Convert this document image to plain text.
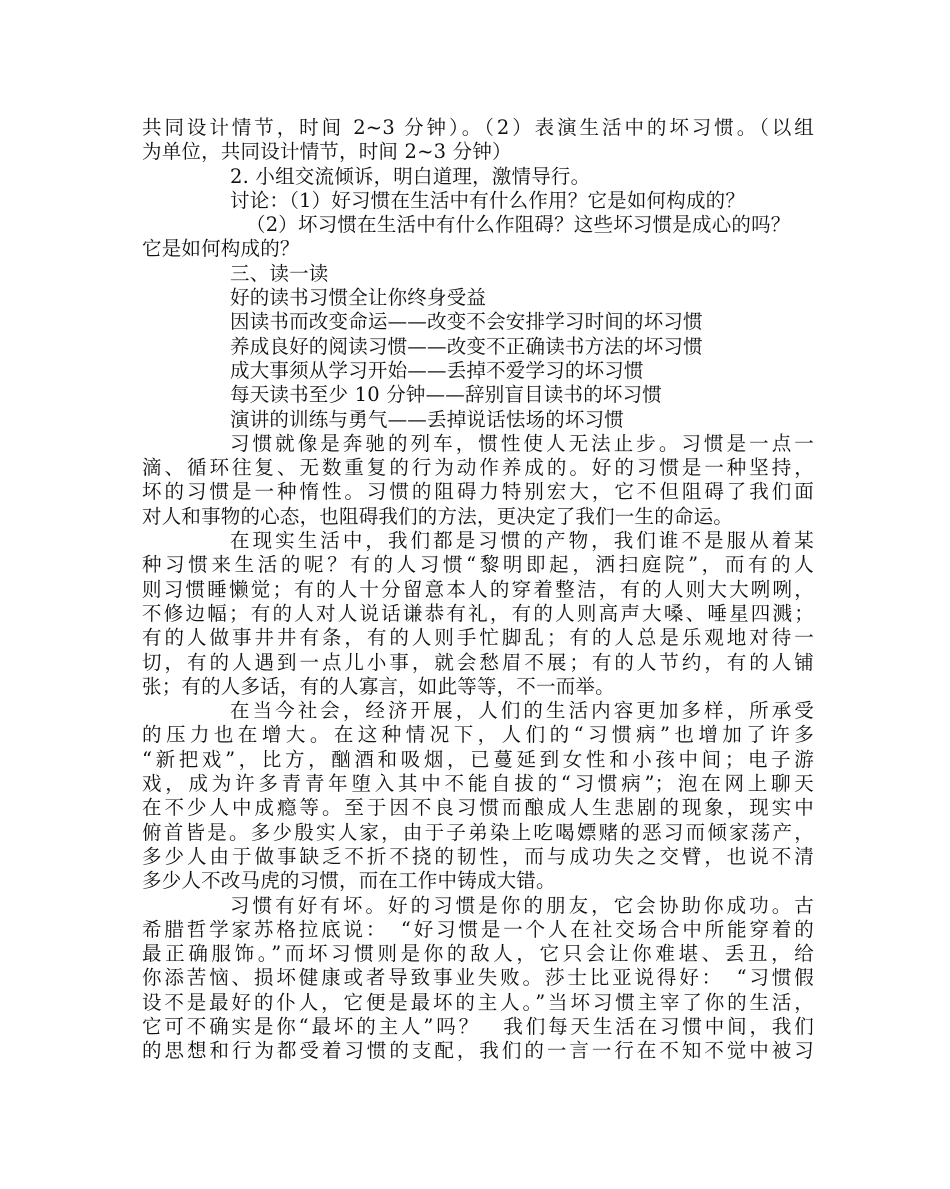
共同设计情节，时间 2~3 分钟）。（2）表演生活中的坏习惯。（以组
为单位，共同设计情节，时间 2~3 分钟）
2. 小组交流倾诉，明白道理，激情导行。
讨论：（1）好习惯在生活中有什么作用？它是如何构成的？
（2）坏习惯在生活中有什么作阻碍？这些坏习惯是成心的吗？
它是如何构成的？
三、读一读
好的读书习惯全让你终身受益
因读书而改变命运——改变不会安排学习时间的坏习惯
养成良好的阅读习惯——改变不正确读书方法的坏习惯
成大事须从学习开始——丢掉不爱学习的坏习惯
每天读书至少 10 分钟——辞别盲目读书的坏习惯
演讲的训练与勇气——丢掉说话怯场的坏习惯
习惯就像是奔驰的列车，惯性使人无法止步。习惯是一点一
滴、循环往复、无数重复的行为动作养成的。好的习惯是一种坚持，
坏的习惯是一种惰性。习惯的阻碍力特别宏大，它不但阻碍了我们面
对人和事物的心态，也阻碍我们的方法，更决定了我们一生的命运。
在现实生活中，我们都是习惯的产物，我们谁不是服从着某
种习惯来生活的呢？有的人习惯“黎明即起，洒扫庭院”，而有的人
则习惯睡懒觉；有的人十分留意本人的穿着整洁，有的人则大大咧咧，
不修边幅；有的人对人说话谦恭有礼，有的人则高声大嗓、唾星四溅；
有的人做事井井有条，有的人则手忙脚乱；有的人总是乐观地对待一
切，有的人遇到一点儿小事，就会愁眉不展；有的人节约，有的人铺
张；有的人多话，有的人寡言，如此等等，不一而举。
在当今社会，经济开展，人们的生活内容更加多样，所承受
的压力也在增大。在这种情况下，人们的“习惯病”也增加了许多
“新把戏”，比方，酗酒和吸烟，已蔓延到女性和小孩中间；电子游
戏，成为许多青青年堕入其中不能自拔的“习惯病”；泡在网上聊天
在不少人中成瘾等。至于因不良习惯而酿成人生悲剧的现象，现实中
俯首皆是。多少殷实人家，由于子弟染上吃喝嫖赌的恶习而倾家荡产，
多少人由于做事缺乏不折不挠的韧性，而与成功失之交臂，也说不清
多少人不改马虎的习惯，而在工作中铸成大错。
习惯有好有坏。好的习惯是你的朋友，它会协助你成功。古
希腊哲学家苏格拉底说：　“好习惯是一个人在社交场合中所能穿着的
最正确服饰。”而坏习惯则是你的敌人，它只会让你难堪、丢丑，给
你添苦恼、损坏健康或者导致事业失败。莎士比亚说得好：　“习惯假
设不是最好的仆人，它便是最坏的主人。”当坏习惯主宰了你的生活，
它可不确实是你“最坏的主人”吗？　我们每天生活在习惯中间，我们
的思想和行为都受着习惯的支配，我们的一言一行在不知不觉中被习
